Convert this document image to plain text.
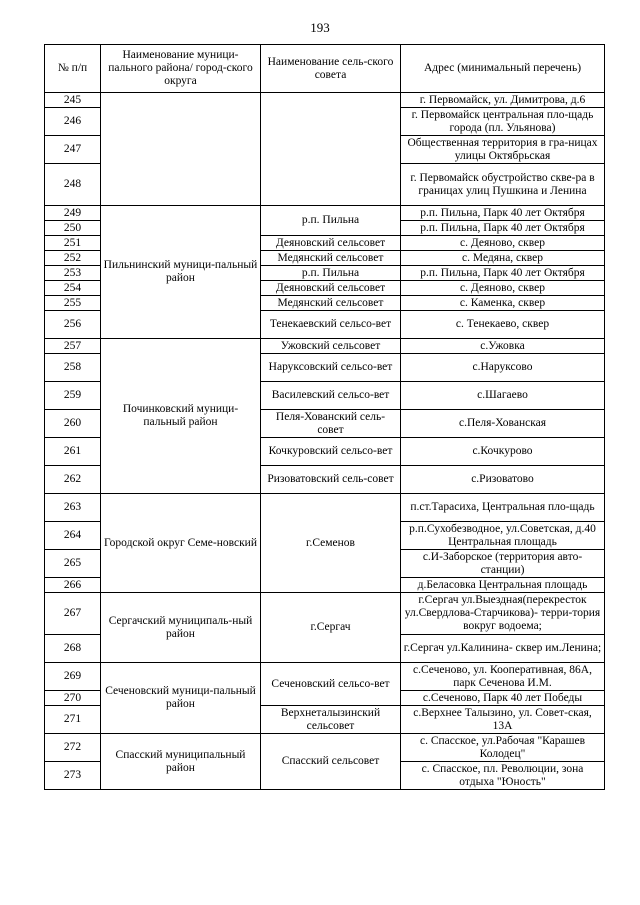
193
№ п/п	Наименование муници-пального района/ город-ского округа	Наименование сель-ского совета	Адрес (минимальный перечень)
245			г. Первомайск, ул. Димитрова, д.6
246			г. Первомайск центральная пло-щадь города (пл. Ульянова)
247			Общественная территория в гра-ницах улицы Октябрьская
248			г. Первомайск обустройство скве-ра в границах улиц Пушкина и Ленина
249	Пильнинский муници-пальный район	р.п. Пильна	р.п. Пильна, Парк 40 лет Октября
250			р.п. Пильна, Парк 40 лет Октября
251		Деяновский сельсовет	с. Деяново, сквер
252		Медянский сельсовет	с. Медяна, сквер
253		р.п. Пильна	р.п. Пильна, Парк 40 лет Октября
254		Деяновский сельсовет	с. Деяново, сквер
255		Медянский сельсовет	с. Каменка, сквер
256		Тенекаевский сельсо-вет	с. Тенекаево, сквер
257	Починковский муници-пальный район	Ужовский сельсовет	с.Ужовка
258		Наруксовский сельсо-вет	с.Наруксово
259		Василевский сельсо-вет	с.Шагаево
260		Пеля-Хованский сель-совет	с.Пеля-Хованская
261		Кочкуровский сельсо-вет	с.Кочкурово
262		Ризоватовский сель-совет	с.Ризоватово
263	Городской округ Семе-новский	г.Семенов	п.ст.Тарасиха, Центральная пло-щадь
264			р.п.Сухобезводное, ул.Советская, д.40 Центральная площадь
265			с.И-Заборское (территория авто-станции)
266			д.Беласовка Центральная площадь
267	Сергачский муниципаль-ный район	г.Сергач	г.Сергач ул.Выездная(перекресток ул.Свердлова-Старчикова)- терри-тория вокруг водоема;
268			г.Сергач ул.Калинина- сквер им.Ленина;
269	Сеченовский муници-пальный район	Сеченовский сельсо-вет	с.Сеченово, ул. Кооперативная, 86А, парк Сеченова И.М.
270			с.Сеченово, Парк 40 лет Победы
271		Верхнеталызинский сельсовет	с.Верхнее Талызино, ул. Совет-ская, 13А
272	Спасский муниципальный район	Спасский сельсовет	с. Спасское, ул.Рабочая "Карашев Колодец"
273			с. Спасское, пл. Революции, зона отдыха "Юность"
